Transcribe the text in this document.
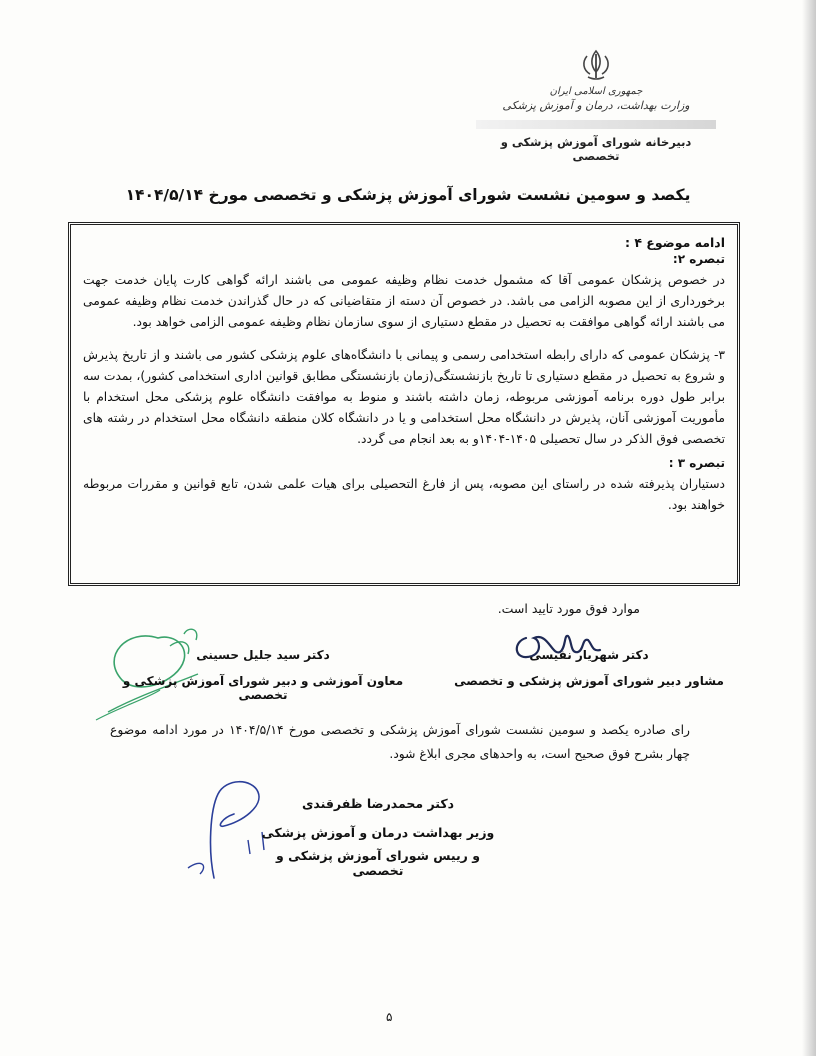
جمهوری اسلامی ایران
وزارت بهداشت، درمان و آموزش پزشکی
دبیرخانه شورای آموزش پزشکی و تخصصی
یکصد و سومین نشست شورای آموزش پزشکی و تخصصی مورخ ۱۴۰۴/۵/۱۴
ادامه موضوع ۴ :
تبصره ۲:

در خصوص پزشکان عمومی آقا که مشمول خدمت نظام وظیفه عمومی می باشند ارائه گواهی کارت پایان خدمت جهت برخورداری از این مصوبه الزامی می باشد. در خصوص آن دسته از متقاضیانی که در حال گذراندن خدمت نظام وظیفه عمومی می باشند ارائه گواهی موافقت به تحصیل در مقطع دستیاری از سوی سازمان نظام وظیفه عمومی الزامی خواهد بود.

۳- پزشکان عمومی که دارای رابطه استخدامی رسمی و پیمانی با دانشگاه‌های علوم پزشکی کشور می باشند و از تاریخ پذیرش و شروع به تحصیل در مقطع دستیاری تا تاریخ بازنشستگی(زمان بازنشستگی مطابق قوانین اداری استخدامی کشور)، بمدت سه برابر طول دوره برنامه آموزشی مربوطه، زمان داشته باشند و منوط به موافقت دانشگاه علوم پزشکی محل استخدام با مأموریت آموزشی آنان، پذیرش در دانشگاه محل استخدامی و یا در دانشگاه کلان منطقه دانشگاه محل استخدام در رشته های تخصصی فوق الذکر در سال تحصیلی ۱۴۰۵-۱۴۰۴و به بعد انجام می گردد.

تبصره ۳ :

دستیاران پذیرفته شده در راستای این مصوبه، پس از فارغ التحصیلی برای هیات علمی شدن، تابع قوانین و مقررات مربوطه خواهند بود.

موارد فوق مورد تایید است.
دکتر شهریار نفیسی
مشاور دبیر شورای آموزش پزشکی و تخصصی
دکتر سید جلیل حسینی
معاون آموزشی و دبیر شورای آموزش پزشکی و تخصصی
رای صادره یکصد و سومین نشست شورای آموزش پزشکی و تخصصی مورخ ۱۴۰۴/۵/۱۴ در مورد ادامه موضوع چهار بشرح فوق صحیح است، به واحدهای مجری ابلاغ شود.
دکتر محمدرضا ظفرقندی
وزیر بهداشت درمان و آموزش پزشکی
و رییس شورای آموزش پزشکی و تخصصی
۵
